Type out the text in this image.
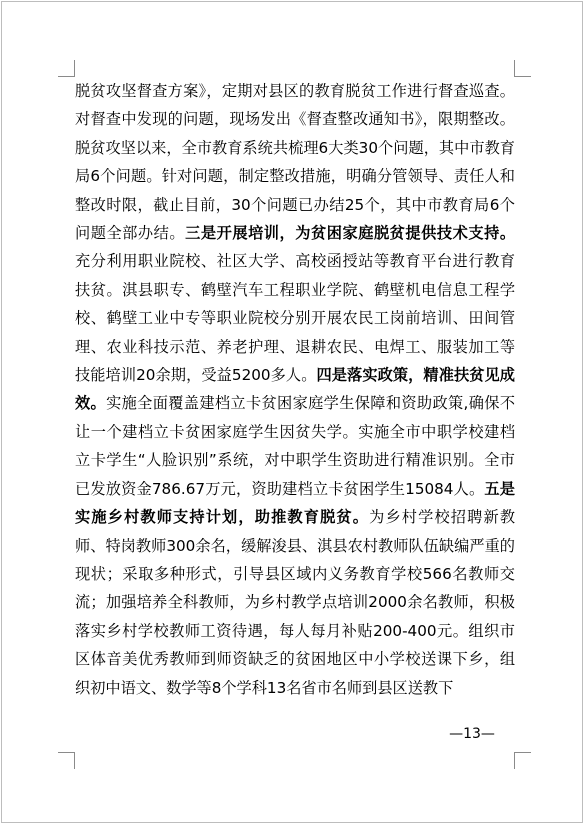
脱贫攻坚督查方案》，定期对县区的教育脱贫工作进行督查巡查。对督查中发现的问题，现场发出《督查整改通知书》，限期整改。脱贫攻坚以来，全市教育系统共梳理6大类30个问题，其中市教育局6个问题。针对问题，制定整改措施，明确分管领导、责任人和整改时限，截止目前，30个问题已办结25个，其中市教育局6个问题全部办结。三是开展培训，为贫困家庭脱贫提供技术支持。充分利用职业院校、社区大学、高校函授站等教育平台进行教育扶贫。淇县职专、鹤壁汽车工程职业学院、鹤壁机电信息工程学校、鹤壁工业中专等职业院校分别开展农民工岗前培训、田间管理、农业科技示范、养老护理、退耕农民、电焊工、服装加工等技能培训20余期，受益5200多人。四是落实政策，精准扶贫见成效。实施全面覆盖建档立卡贫困家庭学生保障和资助政策,确保不让一个建档立卡贫困家庭学生因贫失学。实施全市中职学校建档立卡学生“人脸识别”系统，对中职学生资助进行精准识别。全市已发放资金786.67万元，资助建档立卡贫困学生15084人。五是实施乡村教师支持计划，助推教育脱贫。为乡村学校招聘新教师、特岗教师300余名，缓解浚县、淇县农村教师队伍缺编严重的现状；采取多种形式，引导县区域内义务教育学校566名教师交流；加强培养全科教师，为乡村教学点培训2000余名教师，积极落实乡村学校教师工资待遇，每人每月补贴200-400元。组织市区体音美优秀教师到师资缺乏的贫困地区中小学校送课下乡，组织初中语文、数学等8个学科13名省市名师到县区送教下

—13—
